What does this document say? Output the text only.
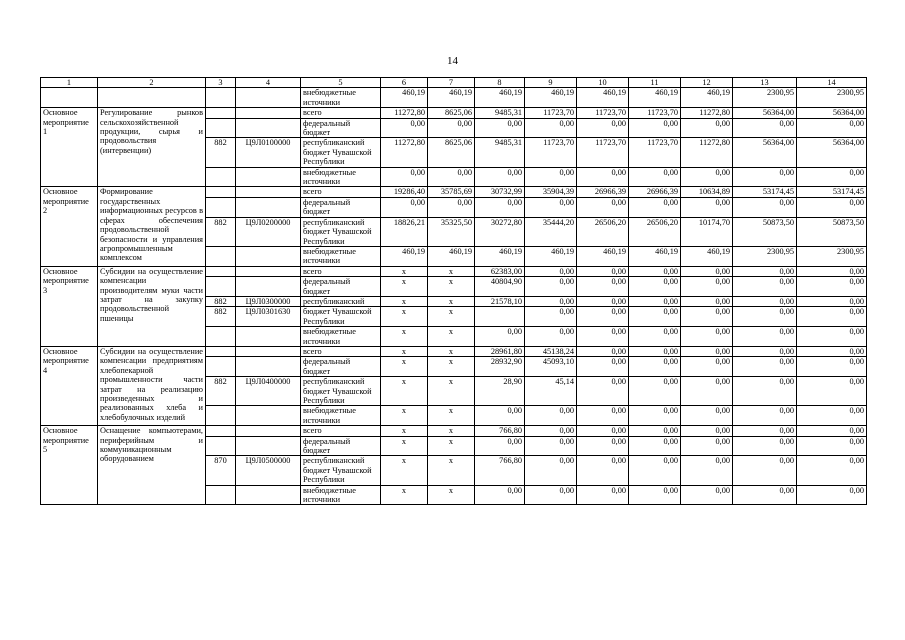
14
1	2	3	4	5	6	7	8	9	10	11	12	13	14
				внебюджетные источники	460,19	460,19	460,19	460,19	460,19	460,19	460,19	2300,95	2300,95
Основное мероприятие 1	Регулирование рынков сельскохозяйственной продукции, сырья и продовольствия (интервенции)			всего	11272,80	8625,06	9485,31	11723,70	11723,70	11723,70	11272,80	56364,00	56364,00
				федеральный бюджет	0,00	0,00	0,00	0,00	0,00	0,00	0,00	0,00	0,00
		882	Ц9Л0100000	республиканский бюджет Чувашской Республики	11272,80	8625,06	9485,31	11723,70	11723,70	11723,70	11272,80	56364,00	56364,00
				внебюджетные источники	0,00	0,00	0,00	0,00	0,00	0,00	0,00	0,00	0,00
Основное мероприятие 2	Формирование государственных информационных ресурсов в сферах обеспечения продовольственной безопасности и управления агропромышленным комплексом			всего	19286,40	35785,69	30732,99	35904,39	26966,39	26966,39	10634,89	53174,45	53174,45
				федеральный бюджет	0,00	0,00	0,00	0,00	0,00	0,00	0,00	0,00	0,00
		882	Ц9Л0200000	республиканский бюджет Чувашской Республики	18826,21	35325,50	30272,80	35444,20	26506,20	26506,20	10174,70	50873,50	50873,50
				внебюджетные источники	460,19	460,19	460,19	460,19	460,19	460,19	460,19	2300,95	2300,95
Основное мероприятие 3	Субсидии на осуществление компенсации производителям муки части затрат на закупку продовольственной пшеницы			всего	х	х	62383,00	0,00	0,00	0,00	0,00	0,00	0,00
				федеральный бюджет	х	х	40804,90	0,00	0,00	0,00	0,00	0,00	0,00
		882	Ц9Л0300000	республиканский	х	х	21578,10	0,00	0,00	0,00	0,00	0,00	0,00
		882	Ц9Л0301630	бюджет Чувашской Республики	х	х		0,00	0,00	0,00	0,00	0,00	0,00
				внебюджетные источники	х	х	0,00	0,00	0,00	0,00	0,00	0,00	0,00
Основное мероприятие 4	Субсидии на осуществление компенсации предприятиям хлебопекарной промышленности части затрат на реализацию произведенных и реализованных хлеба и хлебобулочных изделий			всего	х	х	28961,80	45138,24	0,00	0,00	0,00	0,00	0,00
				федеральный бюджет	х	х	28932,90	45093,10	0,00	0,00	0,00	0,00	0,00
		882	Ц9Л0400000	республиканский бюджет Чувашской Республики	х	х	28,90	45,14	0,00	0,00	0,00	0,00	0,00
				внебюджетные источники	х	х	0,00	0,00	0,00	0,00	0,00	0,00	0,00
Основное мероприятие 5	Оснащение компьютерами, периферийным и коммуникационным оборудованием			всего	х	х	766,80	0,00	0,00	0,00	0,00	0,00	0,00
				федеральный бюджет	х	х	0,00	0,00	0,00	0,00	0,00	0,00	0,00
		870	Ц9Л0500000	республиканский бюджет Чувашской Республики	х	х	766,80	0,00	0,00	0,00	0,00	0,00	0,00
				внебюджетные источники	х	х	0,00	0,00	0,00	0,00	0,00	0,00	0,00
